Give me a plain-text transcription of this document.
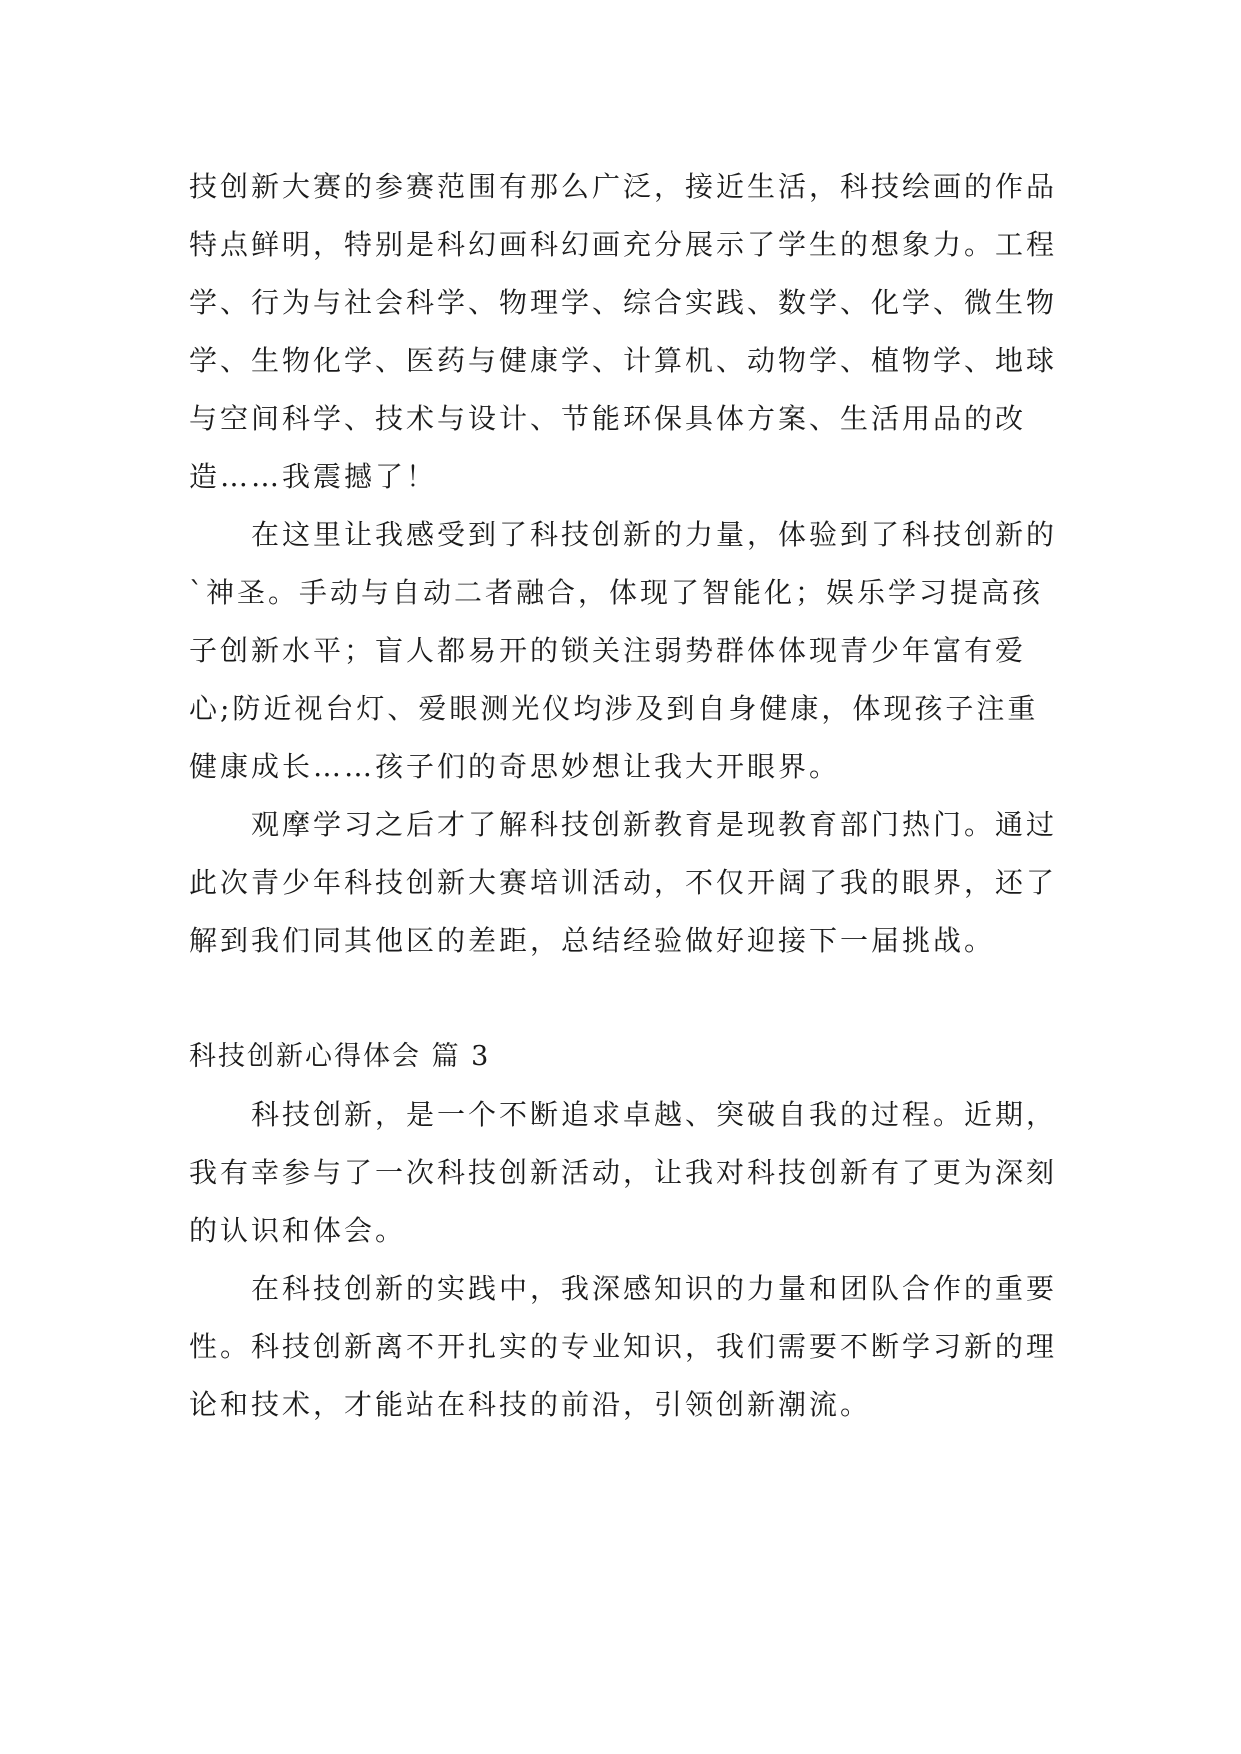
技创新大赛的参赛范围有那么广泛，接近生活，科技绘画的作品特点鲜明，特别是科幻画科幻画充分展示了学生的想象力。工程学、行为与社会科学、物理学、综合实践、数学、化学、微生物学、生物化学、医药与健康学、计算机、动物学、植物学、地球与空间科学、技术与设计、节能环保具体方案、生活用品的改造……我震撼了！

在这里让我感受到了科技创新的力量，体验到了科技创新的`神圣。手动与自动二者融合，体现了智能化；娱乐学习提高孩子创新水平；盲人都易开的锁关注弱势群体体现青少年富有爱心;防近视台灯、爱眼测光仪均涉及到自身健康，体现孩子注重健康成长……孩子们的奇思妙想让我大开眼界。

观摩学习之后才了解科技创新教育是现教育部门热门。通过此次青少年科技创新大赛培训活动，不仅开阔了我的眼界，还了解到我们同其他区的差距，总结经验做好迎接下一届挑战。

科技创新心得体会 篇 3

科技创新，是一个不断追求卓越、突破自我的过程。近期，我有幸参与了一次科技创新活动，让我对科技创新有了更为深刻的认识和体会。

在科技创新的实践中，我深感知识的力量和团队合作的重要性。科技创新离不开扎实的专业知识，我们需要不断学习新的理论和技术，才能站在科技的前沿，引领创新潮流。
